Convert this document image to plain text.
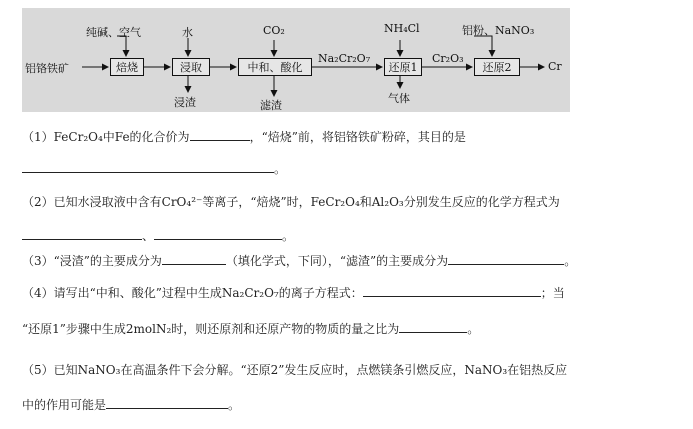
铝铬铁矿
纯碱、空气	水	CO₂	NH₄Cl	铝粉、NaNO₃
焙烧	浸取	中和、酸化	还原1	还原2
Na₂Cr₂O₇	Cr₂O₃
Cr
浸渣	滤渣
气体
（1）FeCr₂O₄中Fe的化合价为	，“焙烧”前，将铝铬铁矿粉碎，其目的是
。
（2）已知水浸取液中含有CrO₄²⁻等离子，“焙烧”时，FeCr₂O₄和Al₂O₃分别发生反应的化学方程式为
、	。
（3）“浸渣”的主要成分为	（填化学式，下同），“滤渣”的主要成分为	。
（4）请写出“中和、酸化”过程中生成Na₂Cr₂O₇的离子方程式：	；当
“还原1”步骤中生成2molN₂时，则还原剂和还原产物的物质的量之比为	。
（5）已知NaNO₃在高温条件下会分解。“还原2”发生反应时，点燃镁条引燃反应，NaNO₃在铝热反应
中的作用可能是	。
